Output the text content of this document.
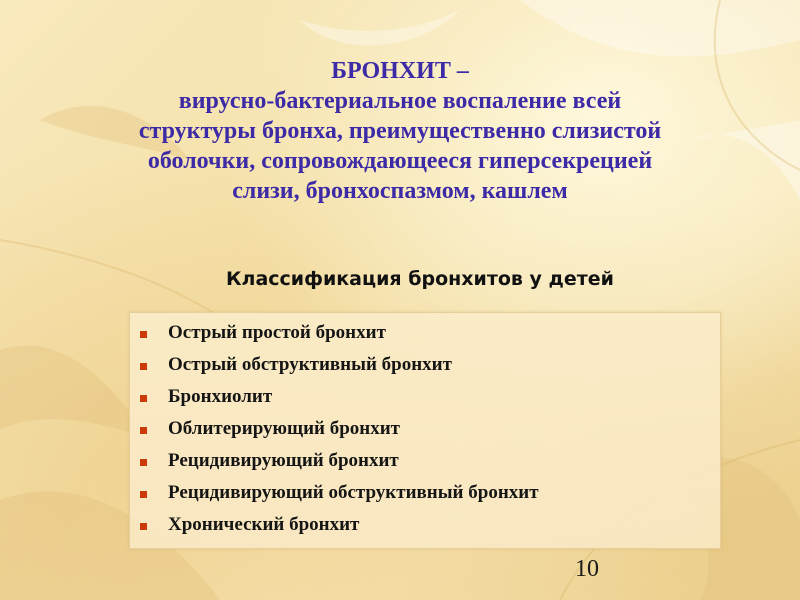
БРОНХИТ –
вирусно-бактериальное воспаление всей
структуры бронха, преимущественно слизистой
оболочки, сопровождающееся гиперсекрецией
слизи, бронхоспазмом, кашлем
Классификация бронхитов у детей
Острый простой бронхит
Острый обструктивный бронхит
Бронхиолит
Облитерирующий бронхит
Рецидивирующий бронхит
Рецидивирующий обструктивный бронхит
Хронический бронхит
10
